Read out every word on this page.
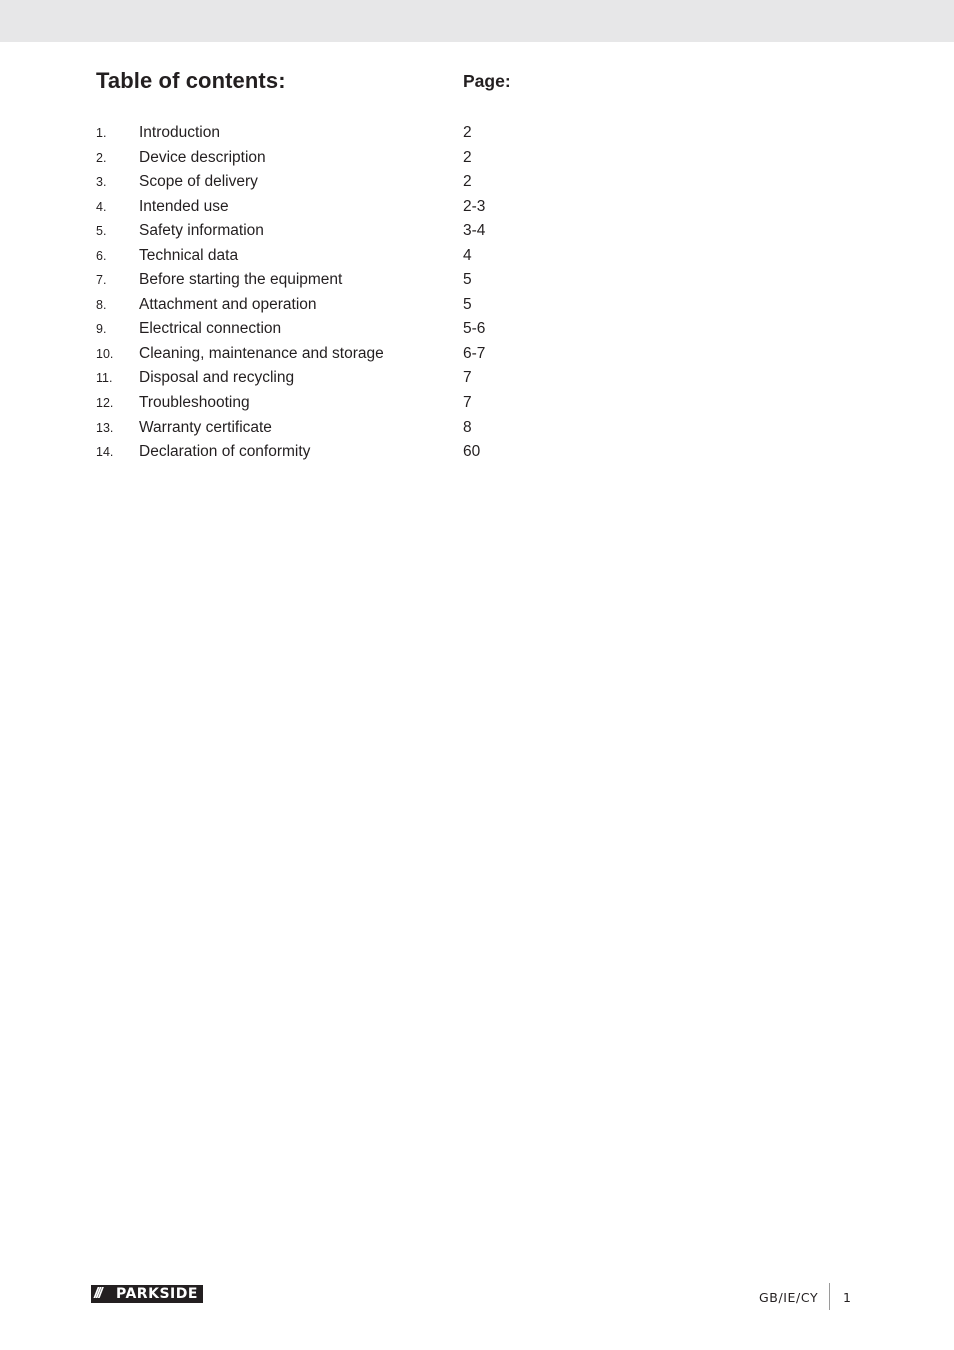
Table of contents:	Page:
1. Introduction	2
2. Device description	2
3. Scope of delivery	2
4. Intended use	2-3
5. Safety information	3-4
6. Technical data	4
7. Before starting the equipment	5
8. Attachment and operation	5
9. Electrical connection	5-6
10. Cleaning, maintenance and storage	6-7
11. Disposal and recycling	7
12. Troubleshooting	7
13. Warranty certificate	8
14. Declaration of conformity	60
///	PARKSIDE	GB/IE/CY 1
